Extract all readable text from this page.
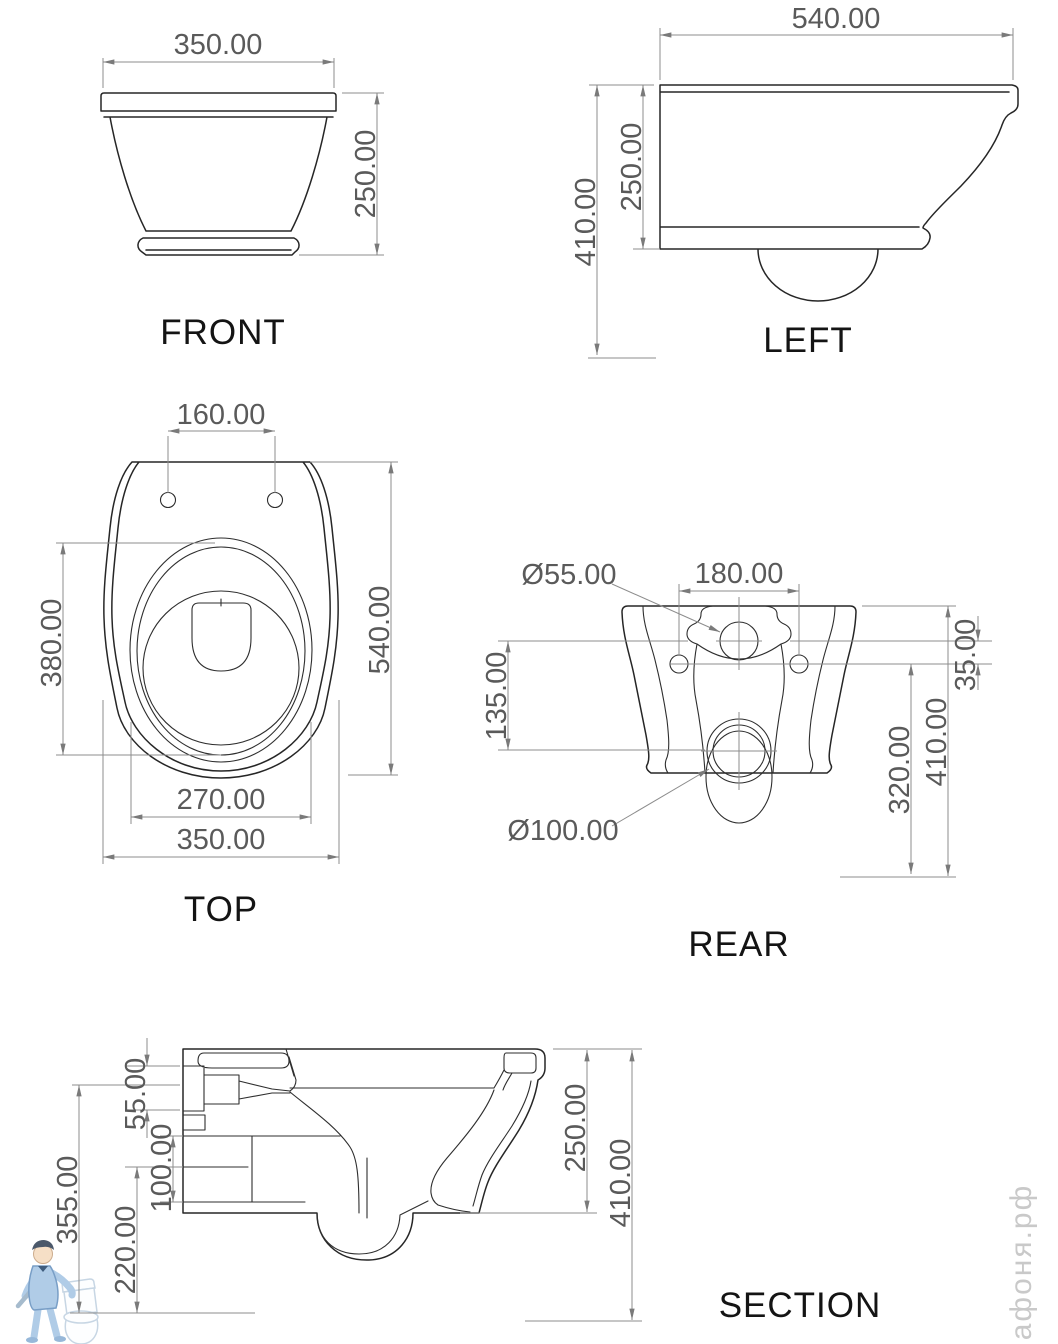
350.00
250.00
FRONT
540.00
410.00
250.00
LEFT
160.00
540.00
380.00
270.00
350.00
TOP
Ø55.00	180.00
135.00	35.00
320.00 410.00
Ø100.00
REAR
55.00
100.00
355.00
220.00
250.00
410.00
SECTION	афоня.рф
